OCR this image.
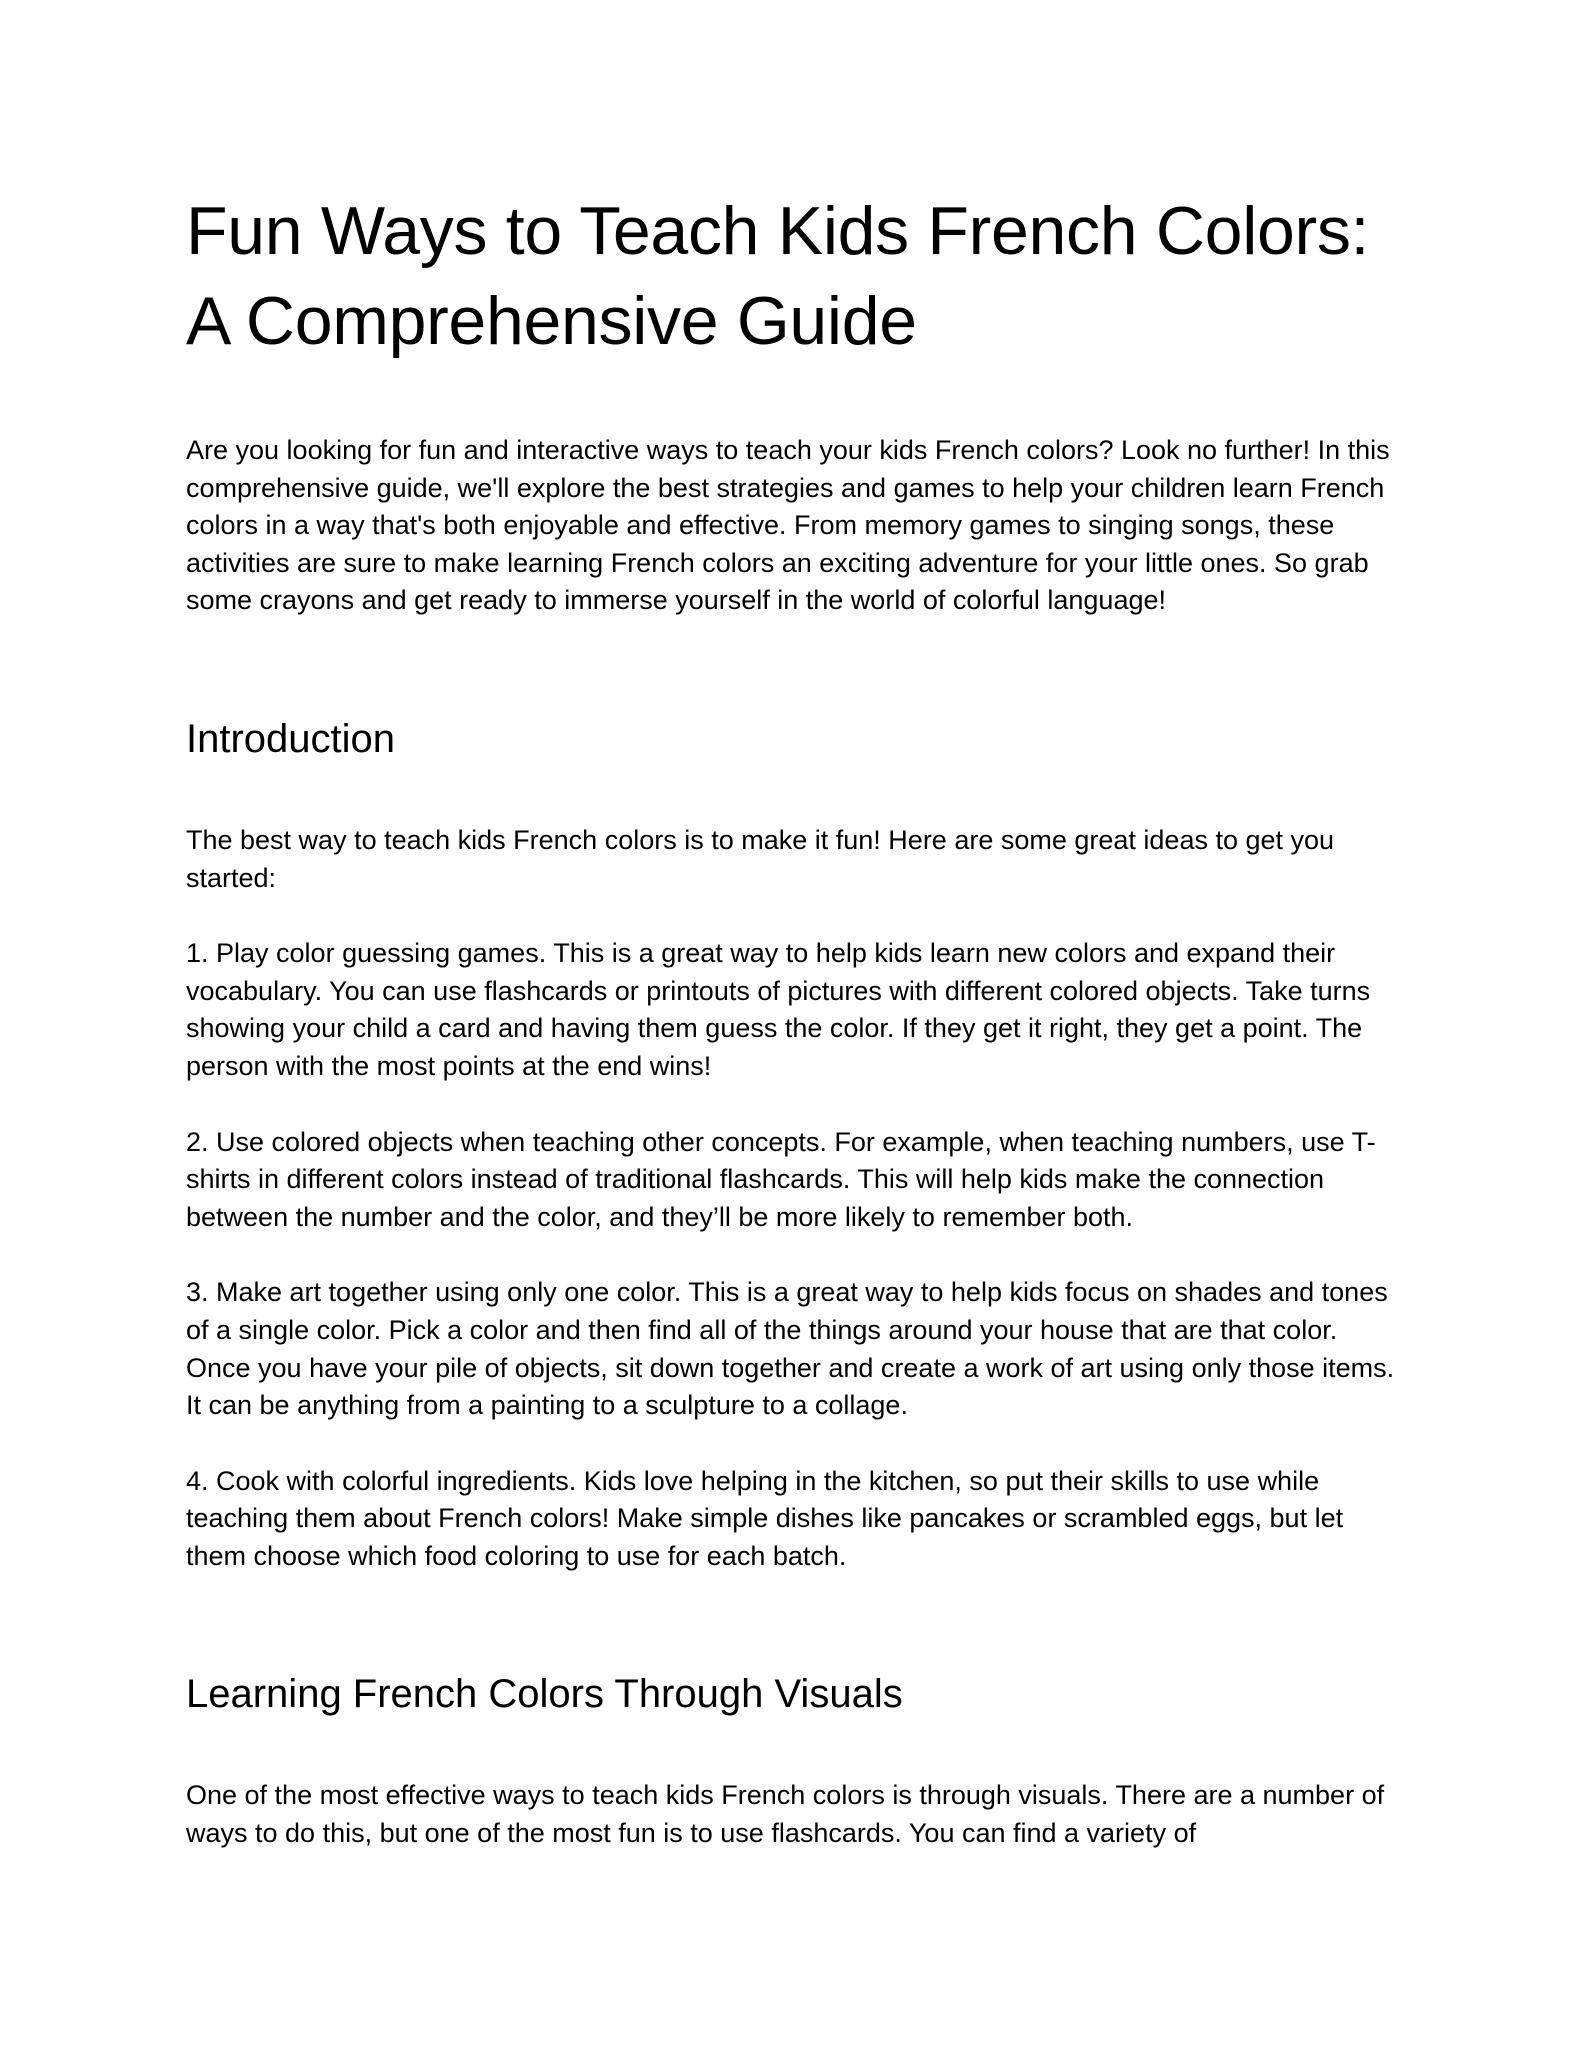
Fun Ways to Teach Kids French Colors: A Comprehensive Guide

Are you looking for fun and interactive ways to teach your kids French colors? Look no further! In this comprehensive guide, we'll explore the best strategies and games to help your children learn French colors in a way that's both enjoyable and effective. From memory games to singing songs, these activities are sure to make learning French colors an exciting adventure for your little ones. So grab some crayons and get ready to immerse yourself in the world of colorful language!

Introduction

The best way to teach kids French colors is to make it fun! Here are some great ideas to get you started:

1. Play color guessing games. This is a great way to help kids learn new colors and expand their vocabulary. You can use flashcards or printouts of pictures with different colored objects. Take turns showing your child a card and having them guess the color. If they get it right, they get a point. The person with the most points at the end wins!

2. Use colored objects when teaching other concepts. For example, when teaching numbers, use T-shirts in different colors instead of traditional flashcards. This will help kids make the connection between the number and the color, and they’ll be more likely to remember both.

3. Make art together using only one color. This is a great way to help kids focus on shades and tones of a single color. Pick a color and then find all of the things around your house that are that color. Once you have your pile of objects, sit down together and create a work of art using only those items. It can be anything from a painting to a sculpture to a collage.

4. Cook with colorful ingredients. Kids love helping in the kitchen, so put their skills to use while teaching them about French colors! Make simple dishes like pancakes or scrambled eggs, but let them choose which food coloring to use for each batch.

Learning French Colors Through Visuals

One of the most effective ways to teach kids French colors is through visuals. There are a number of ways to do this, but one of the most fun is to use flashcards. You can find a variety of
